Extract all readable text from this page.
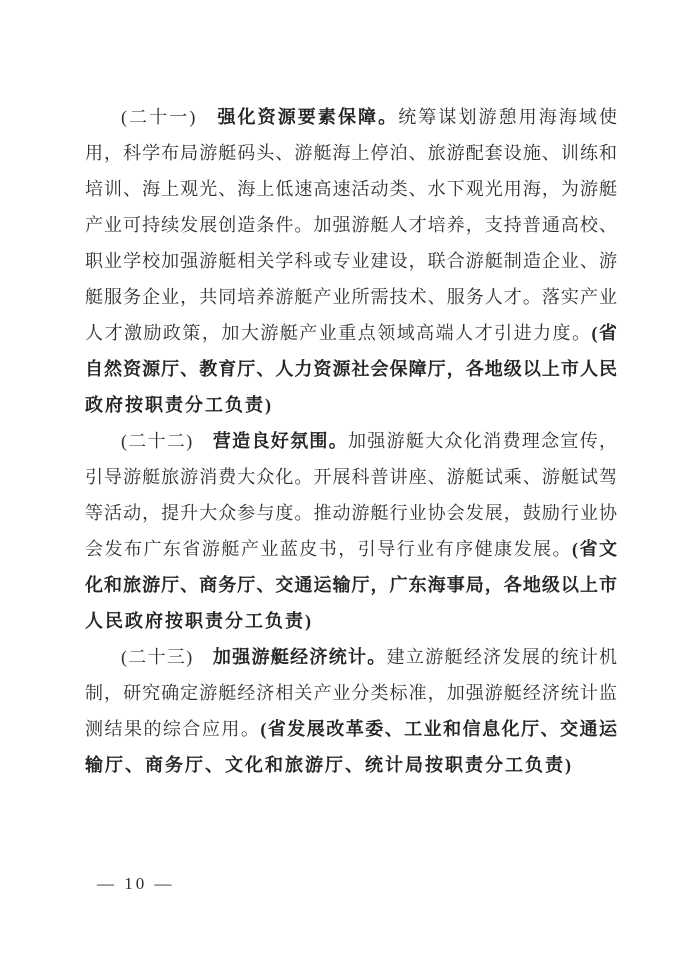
(二十一)　强化资源要素保障。统筹谋划游憩用海海域使
用，科学布局游艇码头、游艇海上停泊、旅游配套设施、训练和
培训、海上观光、海上低速高速活动类、水下观光用海，为游艇
产业可持续发展创造条件。加强游艇人才培养，支持普通高校、
职业学校加强游艇相关学科或专业建设，联合游艇制造企业、游
艇服务企业，共同培养游艇产业所需技术、服务人才。落实产业
人才激励政策，加大游艇产业重点领域高端人才引进力度。(省
自然资源厅、教育厅、人力资源社会保障厅，各地级以上市人民
政府按职责分工负责)
(二十二)　营造良好氛围。加强游艇大众化消费理念宣传，
引导游艇旅游消费大众化。开展科普讲座、游艇试乘、游艇试驾
等活动，提升大众参与度。推动游艇行业协会发展，鼓励行业协
会发布广东省游艇产业蓝皮书，引导行业有序健康发展。(省文
化和旅游厅、商务厅、交通运输厅，广东海事局，各地级以上市
人民政府按职责分工负责)
(二十三)　加强游艇经济统计。建立游艇经济发展的统计机
制，研究确定游艇经济相关产业分类标准，加强游艇经济统计监
测结果的综合应用。(省发展改革委、工业和信息化厅、交通运
输厅、商务厅、文化和旅游厅、统计局按职责分工负责)
— 10 —
